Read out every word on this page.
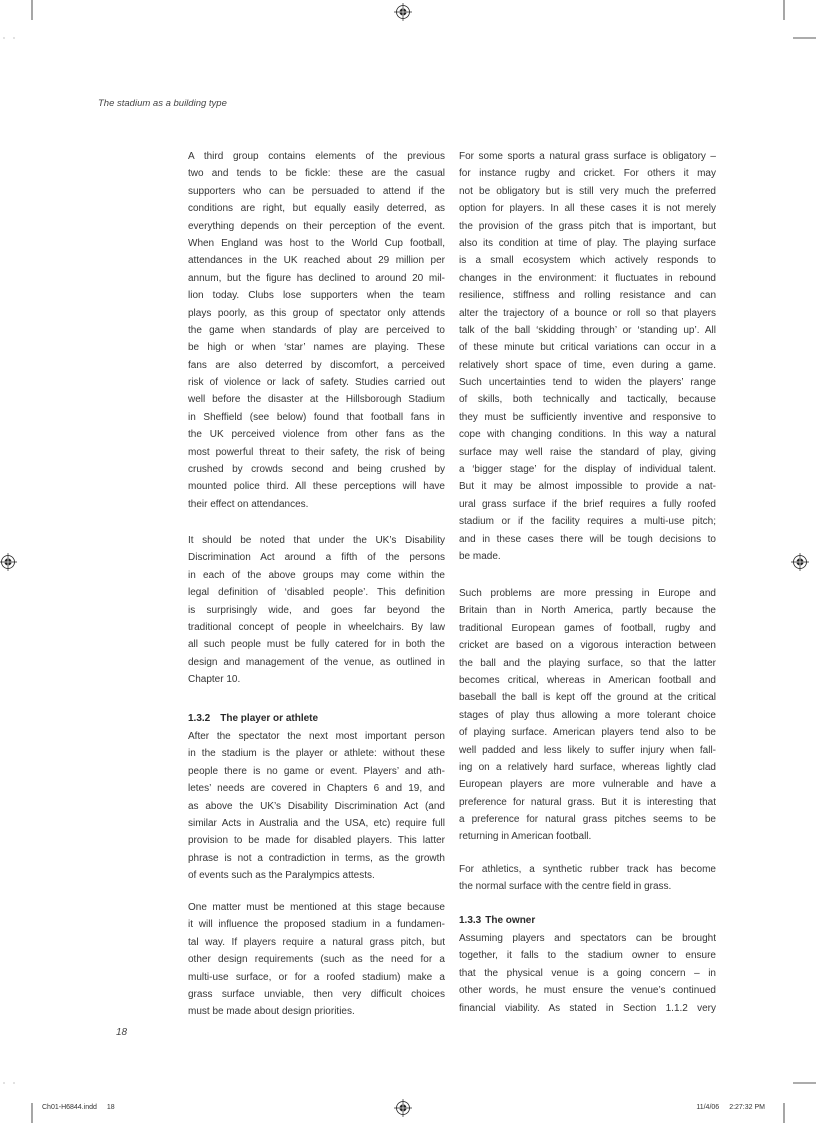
The stadium as a building type
A third group contains elements of the previous
two and tends to be fickle: these are the casual
supporters who can be persuaded to attend if the
conditions are right, but equally easily deterred, as
everything depends on their perception of the event.
When England was host to the World Cup football,
attendances in the UK reached about 29 million per
annum, but the figure has declined to around 20 mil-
lion today. Clubs lose supporters when the team
plays poorly, as this group of spectator only attends
the game when standards of play are perceived to
be high or when ‘star’ names are playing. These
fans are also deterred by discomfort, a perceived
risk of violence or lack of safety. Studies carried out
well before the disaster at the Hillsborough Stadium
in Sheffield (see below) found that football fans in
the UK perceived violence from other fans as the
most powerful threat to their safety, the risk of being
crushed by crowds second and being crushed by
mounted police third. All these perceptions will have
their effect on attendances.
It should be noted that under the UK’s Disability
Discrimination Act around a fifth of the persons
in each of the above groups may come within the
legal definition of ‘disabled people’. This definition
is surprisingly wide, and goes far beyond the
traditional concept of people in wheelchairs. By law
all such people must be fully catered for in both the
design and management of the venue, as outlined in
Chapter 10.
1.3.2 The player or athlete
After the spectator the next most important person
in the stadium is the player or athlete: without these
people there is no game or event. Players’ and ath-
letes’ needs are covered in Chapters 6 and 19, and
as above the UK’s Disability Discrimination Act (and
similar Acts in Australia and the USA, etc) require full
provision to be made for disabled players. This latter
phrase is not a contradiction in terms, as the growth
of events such as the Paralympics attests.
One matter must be mentioned at this stage because
it will influence the proposed stadium in a fundamen-
tal way. If players require a natural grass pitch, but
other design requirements (such as the need for a
multi-use surface, or for a roofed stadium) make a
grass surface unviable, then very difficult choices
must be made about design priorities.
For some sports a natural grass surface is obligatory –
for instance rugby and cricket. For others it may
not be obligatory but is still very much the preferred
option for players. In all these cases it is not merely
the provision of the grass pitch that is important, but
also its condition at time of play. The playing surface
is a small ecosystem which actively responds to
changes in the environment: it fluctuates in rebound
resilience, stiffness and rolling resistance and can
alter the trajectory of a bounce or roll so that players
talk of the ball ‘skidding through’ or ‘standing up’. All
of these minute but critical variations can occur in a
relatively short space of time, even during a game.
Such uncertainties tend to widen the players’ range
of skills, both technically and tactically, because
they must be sufficiently inventive and responsive to
cope with changing conditions. In this way a natural
surface may well raise the standard of play, giving
a ‘bigger stage’ for the display of individual talent.
But it may be almost impossible to provide a nat-
ural grass surface if the brief requires a fully roofed
stadium or if the facility requires a multi-use pitch;
and in these cases there will be tough decisions to
be made.
Such problems are more pressing in Europe and
Britain than in North America, partly because the
traditional European games of football, rugby and
cricket are based on a vigorous interaction between
the ball and the playing surface, so that the latter
becomes critical, whereas in American football and
baseball the ball is kept off the ground at the critical
stages of play thus allowing a more tolerant choice
of playing surface. American players tend also to be
well padded and less likely to suffer injury when fall-
ing on a relatively hard surface, whereas lightly clad
European players are more vulnerable and have a
preference for natural grass. But it is interesting that
a preference for natural grass pitches seems to be
returning in American football.
For athletics, a synthetic rubber track has become
the normal surface with the centre field in grass.
1.3.3 The owner
Assuming players and spectators can be brought
together, it falls to the stadium owner to ensure
that the physical venue is a going concern – in
other words, he must ensure the venue’s continued
financial viability. As stated in Section 1.1.2 very
18
Ch01-H6844.indd 18	11/4/06 2:27:32 PM
